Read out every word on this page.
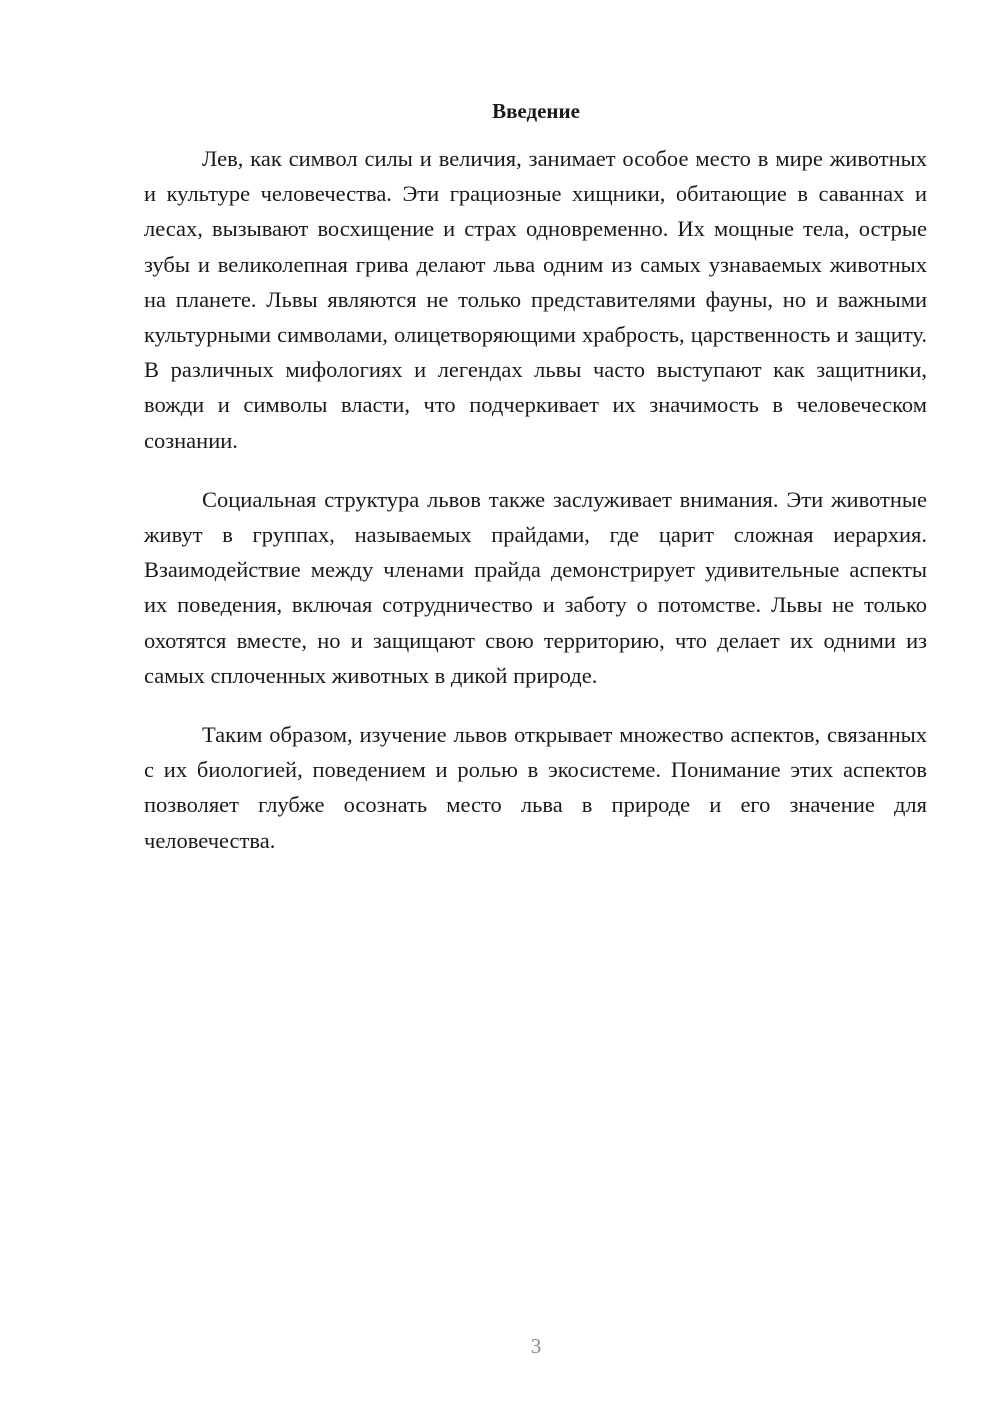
Введение

Лев, как символ силы и величия, занимает особое место в мире животных и культуре человечества. Эти грациозные хищники, обитающие в саваннах и лесах, вызывают восхищение и страх одновременно. Их мощные тела, острые зубы и великолепная грива делают льва одним из самых узнаваемых животных на планете. Львы являются не только представителями фауны, но и важными культурными символами, олицетворяющими храбрость, царственность и защиту. В различных мифологиях и легендах львы часто выступают как защитники, вожди и символы власти, что подчеркивает их значимость в человеческом сознании.

Социальная структура львов также заслуживает внимания. Эти животные живут в группах, называемых прайдами, где царит сложная иерархия. Взаимодействие между членами прайда демонстрирует удивительные аспекты их поведения, включая сотрудничество и заботу о потомстве. Львы не только охотятся вместе, но и защищают свою территорию, что делает их одними из самых сплоченных животных в дикой природе.

Таким образом, изучение львов открывает множество аспектов, связанных с их биологией, поведением и ролью в экосистеме. Понимание этих аспектов позволяет глубже осознать место льва в природе и его значение для человечества.

3
